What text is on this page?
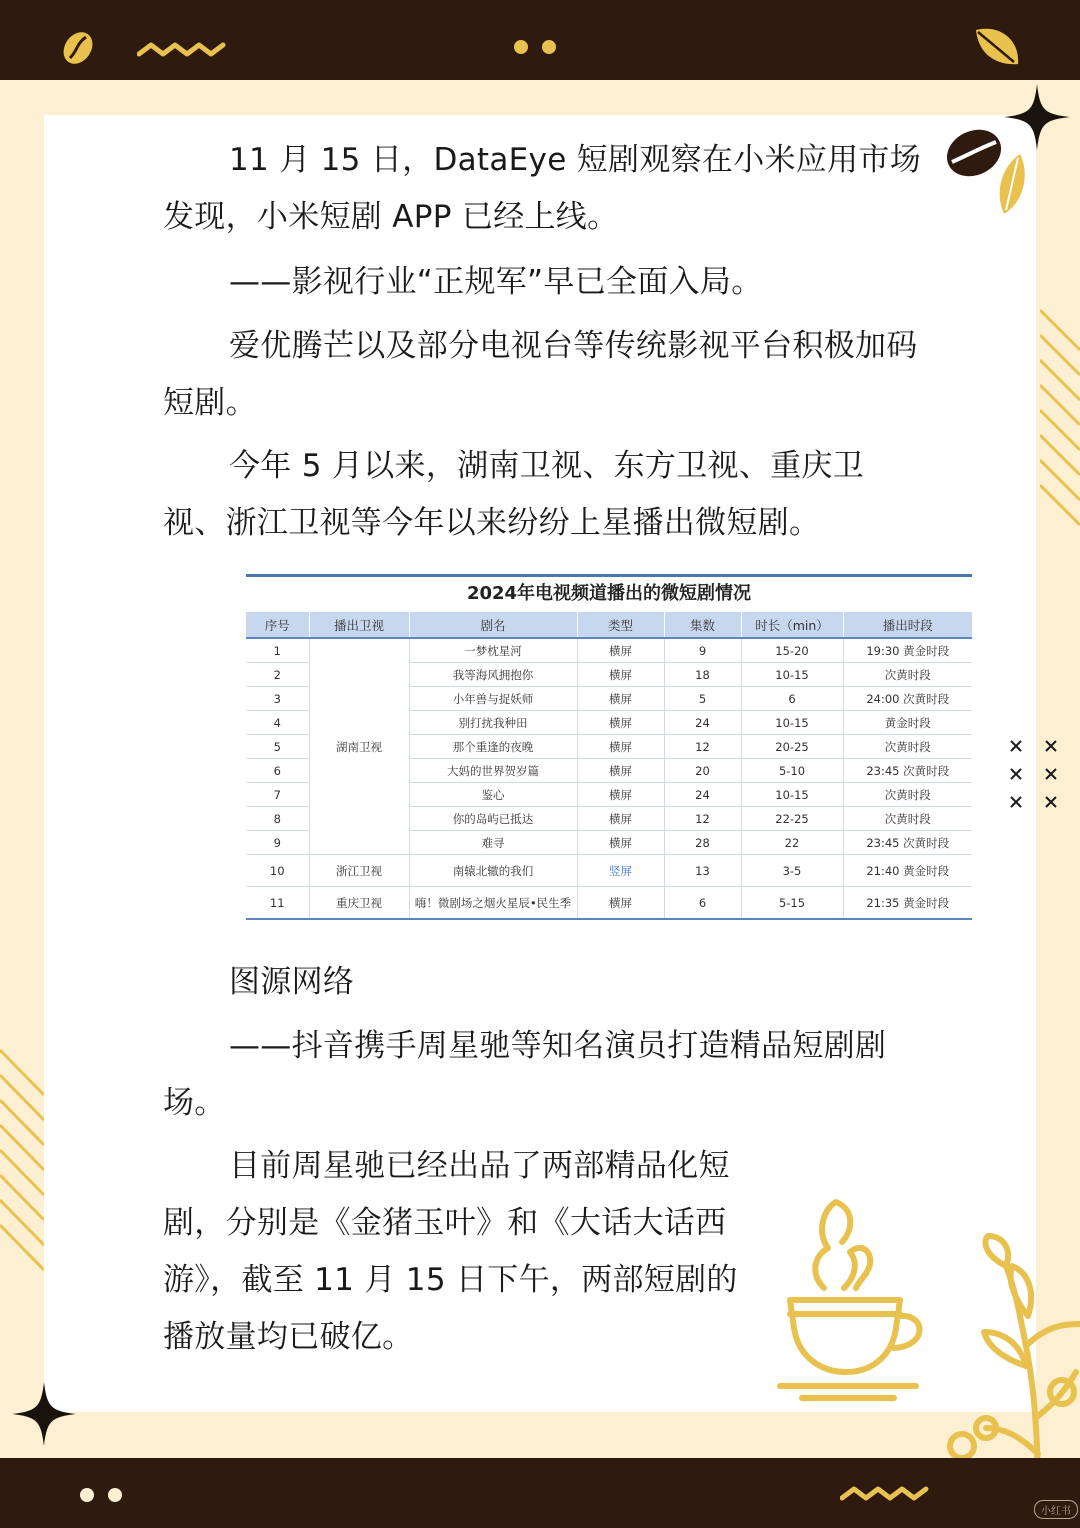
小红书

11 月 15 日，DataEye 短剧观察在小米应用市场发现，小米短剧 APP 已经上线。

——影视行业“正规军”早已全面入局。

爱优腾芒以及部分电视台等传统影视平台积极加码短剧。

今年 5 月以来，湖南卫视、东方卫视、重庆卫视、浙江卫视等今年以来纷纷上星播出微短剧。

2024年电视频道播出的微短剧情况
序号	播出卫视	剧名	类型	集数	时长（min）	播出时段
1	湖南卫视	一梦枕星河	横屏	9	15-20	19:30 黄金时段
2		我等海风拥抱你	横屏	18	10-15	次黄时段
3		小年兽与捉妖师	横屏	5	6	24:00 次黄时段
4		别打扰我种田	横屏	24	10-15	黄金时段
5		那个重逢的夜晚	横屏	12	20-25	次黄时段
6		大妈的世界贺岁篇	横屏	20	5-10	23:45 次黄时段
7		鉴心	横屏	24	10-15	次黄时段
8		你的岛屿已抵达	横屏	12	22-25	次黄时段
9		难寻	横屏	28	22	23:45 次黄时段
10	浙江卫视	南辕北辙的我们	竖屏	13	3-5	21:40 黄金时段
11	重庆卫视	嗨！微剧场之烟火星辰•民生季	横屏	6	5-15	21:35 黄金时段

图源网络

——抖音携手周星驰等知名演员打造精品短剧剧场。

目前周星驰已经出品了两部精品化短剧，分别是《金猪玉叶》和《大话大话西游》，截至 11 月 15 日下午，两部短剧的播放量均已破亿。
